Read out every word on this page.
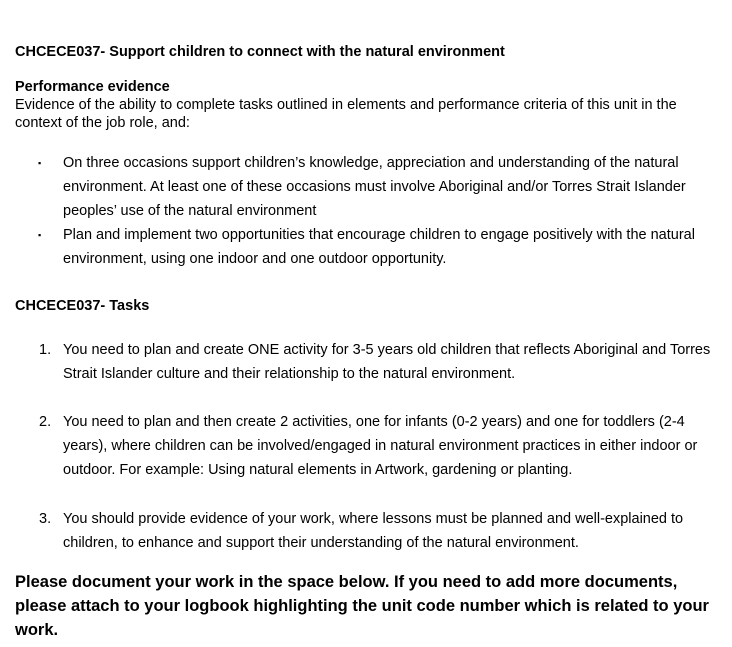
CHCECE037- Support children to connect with the natural environment
Performance evidence
Evidence of the ability to complete tasks outlined in elements and performance criteria of this unit in the context of the job role, and:
▪	On three occasions support children’s knowledge, appreciation and understanding of the natural environment. At least one of these occasions must involve Aboriginal and/or Torres Strait Islander peoples’ use of the natural environment
▪	Plan and implement two opportunities that encourage children to engage positively with the natural environment, using one indoor and one outdoor opportunity.
CHCECE037- Tasks
1. You need to plan and create ONE activity for 3-5 years old children that reflects Aboriginal and Torres Strait Islander culture and their relationship to the natural environment.
2. You need to plan and then create 2 activities, one for infants (0-2 years) and one for toddlers (2-4 years), where children can be involved/engaged in natural environment practices in either indoor or outdoor. For example: Using natural elements in Artwork, gardening or planting.
3. You should provide evidence of your work, where lessons must be planned and well-explained to children, to enhance and support their understanding of the natural environment.
Please document your work in the space below. If you need to add more documents, please attach to your logbook highlighting the unit code number which is related to your work.
